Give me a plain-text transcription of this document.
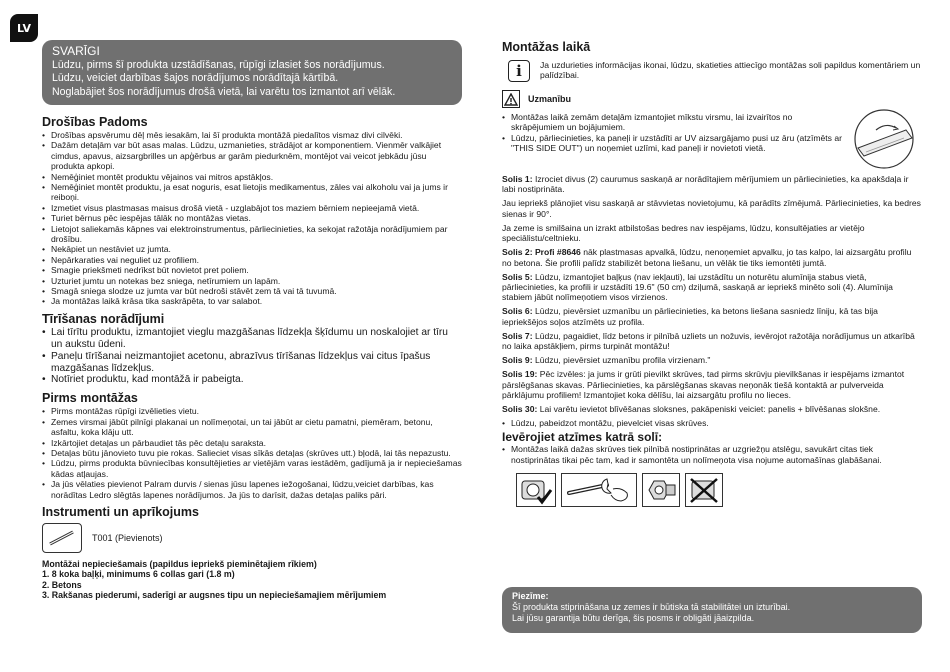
LV
SVARĪGI
Lūdzu, pirms šī produkta uzstādīšanas, rūpīgi izlasiet šos norādījumus.
Lūdzu, veiciet darbības šajos norādījumos norādītajā kārtībā.
Noglabājiet šos norādījumus drošā vietā, lai varētu tos izmantot arī vēlāk.
Drošības Padoms
• Drošības apsvērumu dēļ mēs iesakām, lai šī produkta montāžā piedalītos vismaz divi cilvēki.
• Dažām detaļām var būt asas malas. Lūdzu, uzmanieties, strādājot ar komponentiem. Vienmēr valkājiet cimdus, apavus, aizsargbrilles un apģērbus ar garām piedurknēm, montējot vai veicot jebkādu jūsu produkta apkopi.
• Nemēģiniet montēt produktu vējainos vai mitros apstākļos.
• Nemēģiniet montēt produktu, ja esat noguris, esat lietojis medikamentus, zāles vai alkoholu vai ja jums ir reiboņi.
• Izmetiet visus plastmasas maisus drošā vietā - uzglabājot tos maziem bērniem nepieejamā vietā.
• Turiet bērnus pēc iespējas tālāk no montāžas vietas.
• Lietojot saliekamās kāpnes vai elektroinstrumentus, pārliecinieties, ka sekojat ražotāja norādījumiem par drošību.
• Nekāpiet un nestāviet uz jumta.
• Nepārkaraties vai neguliet uz profiliem.
• Smagie priekšmeti nedrīkst būt novietot pret poliem.
• Uzturiet jumtu un notekas bez sniega, netīrumiem un lapām.
• Smagā sniega slodze uz jumta var būt nedroši stāvēt zem tā vai tā tuvumā.
• Ja montāžas laikā krāsa tika saskrāpēta, to var salabot.
Tīrīšanas norādījumi
• Lai tīrītu produktu, izmantojiet vieglu mazgāšanas līdzekļa šķīdumu un noskalojiet ar tīru un aukstu ūdeni.
• Paneļu tīrīšanai neizmantojiet acetonu, abrazīvus tīrīšanas līdzekļus vai citus īpašus mazgāšanas līdzekļus.
• Notīriet produktu, kad montāžā ir pabeigta.
Pirms montāžas
• Pirms montāžas rūpīgi izvēlieties vietu.
• Zemes virsmai jābūt pilnīgi plakanai un nolīmeņotai, un tai jābūt ar cietu pamatni, piemēram, betonu, asfaltu, koka klāju utt.
• Izkārtojiet detaļas un pārbaudiet tās pēc detaļu saraksta.
• Detaļas būtu jānovieto tuvu pie rokas. Salieciet visas sīkās detaļas (skrūves utt.) bļodā, lai tās nepazustu.
• Lūdzu, pirms produkta būvniecības konsultējieties ar vietējām varas iestādēm, gadījumā ja ir nepieciešamas kādas atļaujas.
• Ja jūs vēlaties pievienot Palram durvis / sienas jūsu lapenes iežogošanai, lūdzu,veiciet darbības, kas norādītas Ledro slēgtās lapenes norādījumos. Ja jūs to darīsit, dažas detaļas paliks pāri.
Instrumenti un aprīkojums
T001 (Pievienots)
Montāžai nepieciešamais (papildus iepriekš pieminētajiem rīkiem)
1. 8 koka baļķi, minimums 6 collas gari (1.8 m)
2. Betons
3. Rakšanas piederumi, saderīgi ar augsnes tipu un nepieciešamajiem mērījumiem
Montāžas laikā
i	Ja uzdurieties informācijas ikonai, lūdzu, skatieties attiecīgo montāžas soli papildus komentāriem un palīdzībai.
Uzmanību
• Montāžas laikā zemām detaļām izmantojiet mīkstu virsmu, lai izvairītos no skrāpējumiem un bojājumiem.
• Lūdzu, pārliecinieties, ka paneļi ir uzstādīti ar UV aizsargājamo pusi uz āru (atzīmēts ar "THIS SIDE OUT") un noņemiet uzlīmi, kad paneļi ir novietoti vietā.

Solis 1: Izrociet divus (2) caurumus saskaņā ar norādītajiem mērījumiem un pārliecinieties, ka apakšdaļa ir labi nostiprināta.

Jau iepriekš plānojiet visu saskaņā ar stāvvietas novietojumu, kā parādīts zīmējumā. Pārliecinieties, ka bedres sienas ir 90°.

Ja zeme is smilšaina un izrakt atbilstošas bedres nav iespējams, lūdzu, konsultējaties ar vietējo speciālistu/celtnieku.

Solis 2: Profi #8646 nāk plastmasas apvalkā, lūdzu, nenoņemiet apvalku, jo tas kalpo, lai aizsargātu profilu no betona. Šie profili palīdz stabilizēt betona liešanu, un vēlāk tie tiks iemontēti jumtā.

Solis 5: Lūdzu, izmantojiet baļķus (nav iekļauti), lai uzstādītu un noturētu alumīnija stabus vietā, pārliecinieties, ka profili ir uzstādīti 19.6" (50 cm) dziļumā, saskaņā ar iepriekš minēto soli (4). Alumīnija stabiem jābūt nolīmeņotiem visos virzienos.

Solis 6: Lūdzu, pievērsiet uzmanību un pārliecinieties, ka betons liešana sasniedz līniju, kā tas bija iepriekšējos soļos atzīmēts uz profila.

Solis 7: Lūdzu, pagaidiet, līdz betons ir pilnībā uzliets un nožuvis, ievērojot ražotāja norādījumus un atkarībā no laika apstākļiem, pirms turpināt montāžu!

Solis 9: Lūdzu, pievērsiet uzmanību profila virzienam."

Solis 19: Pēc izvēles: ja jums ir grūti pievilkt skrūves, tad pirms skrūvju pievilkšanas ir iespējams izmantot pārslēgšanas skavas. Pārliecinieties, ka pārslēgšanas skavas neņonāk tiešā kontaktā ar pulverveida pārklājumu profiliem! Izmantojiet koka dēlīšu, lai aizsargātu profilu no lieces.

Solis 30: Lai varētu ievietot blīvēšanas sloksnes, pakāpeniski veiciet: panelis + blīvēšanas slokšne.

• Lūdzu, pabeidzot montāžu, pievelciet visas skrūves.
Ievērojiet atzīmes katrā solī:
• Montāžas laikā dažas skrūves tiek pilnībā nostiprinātas ar uzgriežņu atslēgu, savukārt citas tiek nostiprinātas tikai pēc tam, kad ir samontēta un nolīmeņota visa nojume automašīnas glabāšanai.
Piezīme:
Šī produkta stiprināšana uz zemes ir būtiska tā stabilitātei un izturībai.
Lai jūsu garantija būtu derīga, šis posms ir obligāti jāaizpilda.
